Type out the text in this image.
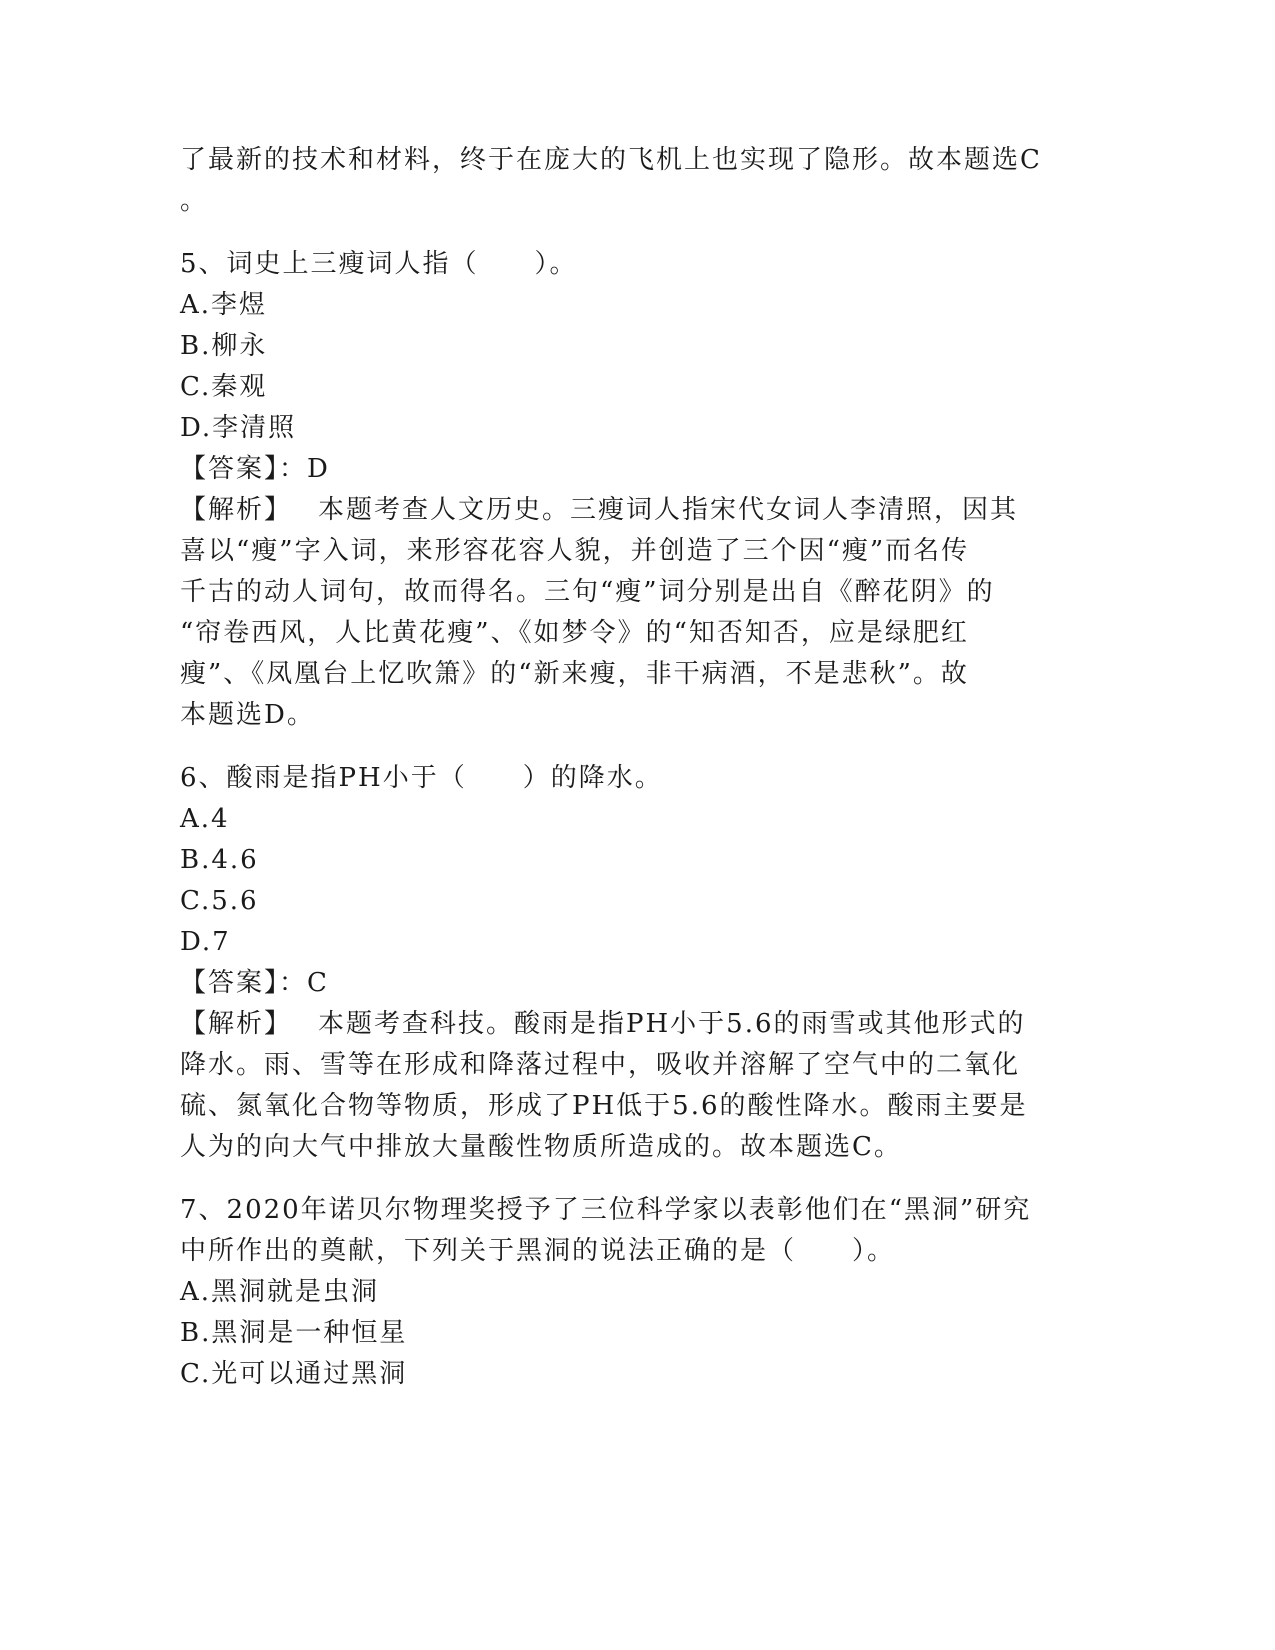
了最新的技术和材料，终于在庞大的飞机上也实现了隐形。故本题选C

。

5、词史上三瘦词人指（　　）。

A.李煜

B.柳永

C.秦观

D.李清照

【答案】：D

【解析】 本题考查人文历史。三瘦词人指宋代女词人李清照，因其

喜以“瘦”字入词，来形容花容人貌，并创造了三个因“瘦”而名传

千古的动人词句，故而得名。三句“瘦”词分别是出自《醉花阴》的

“帘卷西风，人比黄花瘦”、《如梦令》的“知否知否，应是绿肥红

瘦”、《凤凰台上忆吹箫》的“新来瘦，非干病酒，不是悲秋”。故

本题选D。

6、酸雨是指PH小于（　　）的降水。

A.4

B.4.6

C.5.6

D.7

【答案】：C

【解析】 本题考查科技。酸雨是指PH小于5.6的雨雪或其他形式的

降水。雨、雪等在形成和降落过程中，吸收并溶解了空气中的二氧化

硫、氮氧化合物等物质，形成了PH低于5.6的酸性降水。酸雨主要是

人为的向大气中排放大量酸性物质所造成的。故本题选C。

7、2020年诺贝尔物理奖授予了三位科学家以表彰他们在“黑洞”研究

中所作出的奠献，下列关于黑洞的说法正确的是（　　）。

A.黑洞就是虫洞

B.黑洞是一种恒星

C.光可以通过黑洞
